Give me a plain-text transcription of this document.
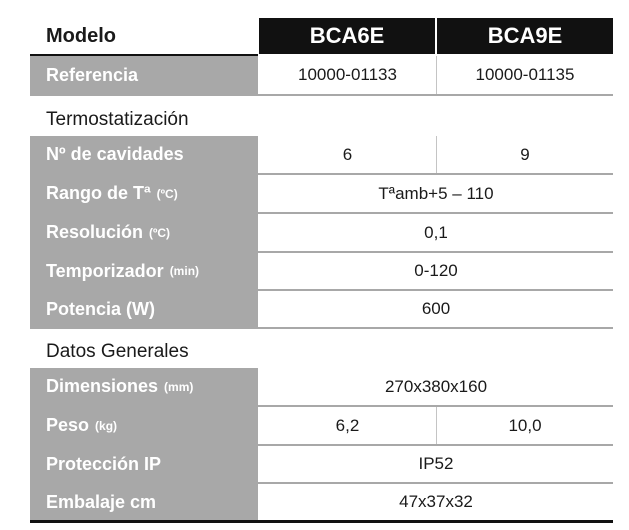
Modelo	BCA6E	BCA9E
Referencia	10000-01133	10000-01135
Termostatización
Nº de cavidades	6	9
Rango de Tª (ºC)	Tªamb+5 – 110
Resolución (ºC)	0,1
Temporizador (min)	0-120
Potencia (W)	600
Datos Generales
Dimensiones (mm)	270x380x160
Peso (kg)	6,2	10,0
Protección IP	IP52
Embalaje cm	47x37x32
